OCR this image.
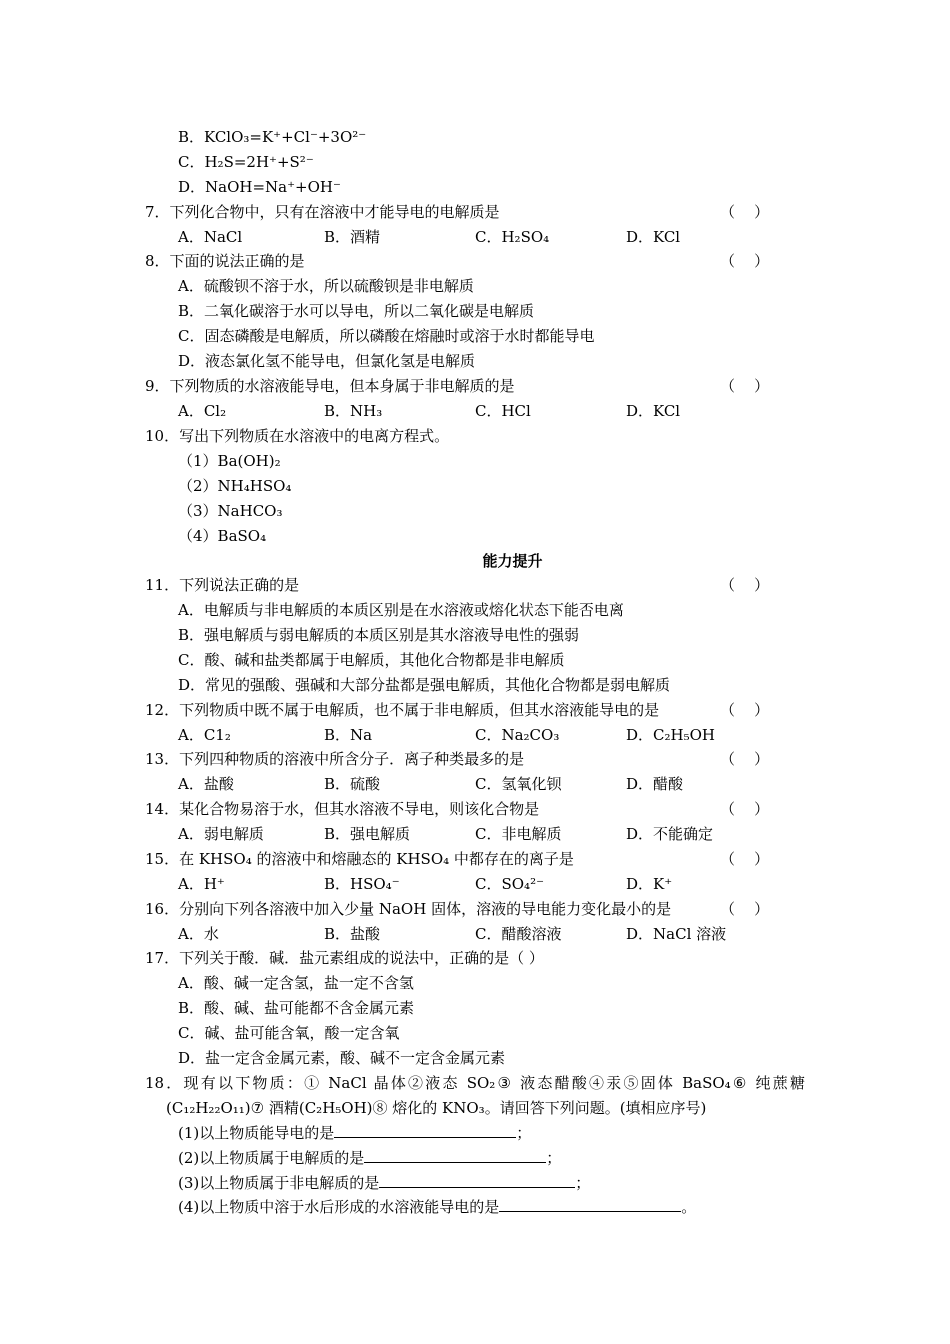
B．KClO₃=K⁺+Cl⁻+3O²⁻
C．H₂S=2H⁺+S²⁻
D．NaOH=Na⁺+OH⁻
7．下列化合物中，只有在溶液中才能导电的电解质是	（    ）
A．NaCl	B．酒精	C．H₂SO₄	D．KCl
8．下面的说法正确的是	（    ）
A．硫酸钡不溶于水，所以硫酸钡是非电解质
B．二氧化碳溶于水可以导电，所以二氧化碳是电解质
C．固态磷酸是电解质，所以磷酸在熔融时或溶于水时都能导电
D．液态氯化氢不能导电，但氯化氢是电解质
9．下列物质的水溶液能导电，但本身属于非电解质的是	（    ）
A．Cl₂	B．NH₃	C．HCl	D．KCl
10．写出下列物质在水溶液中的电离方程式。
（1）Ba(OH)₂
（2）NH₄HSO₄
（3）NaHCO₃
（4）BaSO₄
能力提升
11．下列说法正确的是	（    ）
A．电解质与非电解质的本质区别是在水溶液或熔化状态下能否电离
B．强电解质与弱电解质的本质区别是其水溶液导电性的强弱
C．酸、碱和盐类都属于电解质，其他化合物都是非电解质
D．常见的强酸、强碱和大部分盐都是强电解质，其他化合物都是弱电解质
12．下列物质中既不属于电解质，也不属于非电解质，但其水溶液能导电的是	（    ）
A．C1₂	B．Na	C．Na₂CO₃	D．C₂H₅OH
13．下列四种物质的溶液中所含分子．离子种类最多的是	（    ）
A．盐酸	B．硫酸	C．氢氧化钡	D．醋酸
14．某化合物易溶于水，但其水溶液不导电，则该化合物是	（    ）
A．弱电解质	B．强电解质	C．非电解质	D．不能确定
15．在 KHSO₄ 的溶液中和熔融态的 KHSO₄ 中都存在的离子是	（    ）
A．H⁺	B．HSO₄⁻	C．SO₄²⁻	D．K⁺
16．分别向下列各溶液中加入少量 NaOH 固体，溶液的导电能力变化最小的是	（    ）
A．水	B．盐酸	C．醋酸溶液	D．NaCl 溶液
17．下列关于酸．碱．盐元素组成的说法中，正确的是（ ）
A．酸、碱一定含氢，盐一定不含氢
B．酸、碱、盐可能都不含金属元素
C．碱、盐可能含氧，酸一定含氧
D．盐一定含金属元素，酸、碱不一定含金属元素
18．现有以下物质：① NaCl 晶体②液态 SO₂③ 液态醋酸④汞⑤固体 BaSO₄⑥ 纯蔗糖
(C₁₂H₂₂O₁₁)⑦ 酒精(C₂H₅OH)⑧ 熔化的 KNO₃。请回答下列问题。(填相应序号)
(1)以上物质能导电的是	；
(2)以上物质属于电解质的是	；
(3)以上物质属于非电解质的是	；
(4)以上物质中溶于水后形成的水溶液能导电的是	。
